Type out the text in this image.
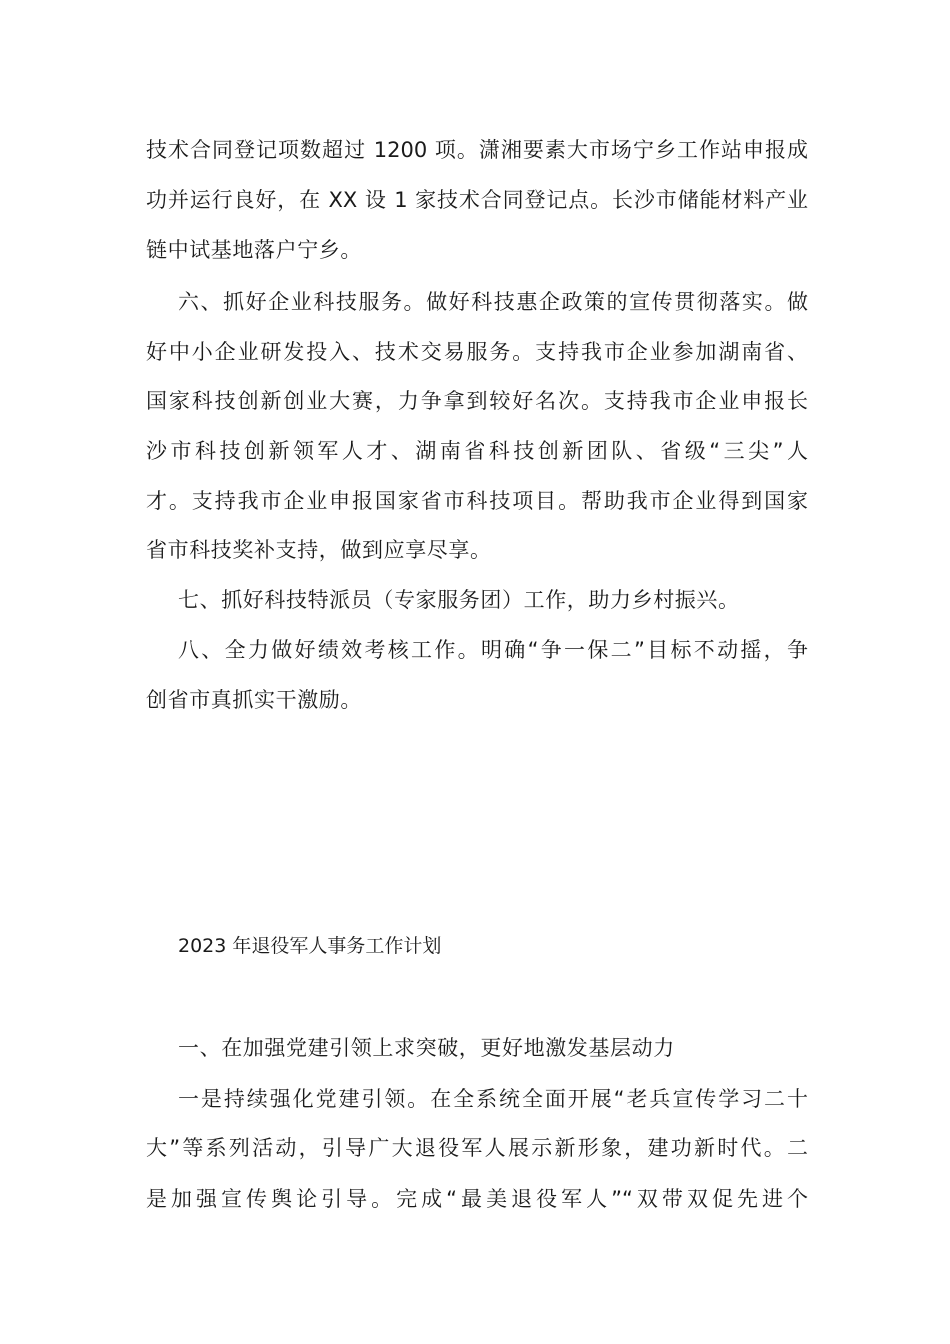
技术合同登记项数超过 1200 项。潇湘要素大市场宁乡工作站申报成
功并运行良好，在 XX 设 1 家技术合同登记点。长沙市储能材料产业
链中试基地落户宁乡。
六、抓好企业科技服务。做好科技惠企政策的宣传贯彻落实。做
好中小企业研发投入、技术交易服务。支持我市企业参加湖南省、
国家科技创新创业大赛，力争拿到较好名次。支持我市企业申报长
沙市科技创新领军人才、湖南省科技创新团队、省级“三尖”人
才。支持我市企业申报国家省市科技项目。帮助我市企业得到国家
省市科技奖补支持，做到应享尽享。
七、抓好科技特派员（专家服务团）工作，助力乡村振兴。
八、全力做好绩效考核工作。明确“争一保二”目标不动摇，争
创省市真抓实干激励。
2023 年退役军人事务工作计划
一、在加强党建引领上求突破，更好地激发基层动力
一是持续强化党建引领。在全系统全面开展“老兵宣传学习二十
大”等系列活动，引导广大退役军人展示新形象，建功新时代。二
是加强宣传舆论引导。完成“最美退役军人”“双带双促先进个
